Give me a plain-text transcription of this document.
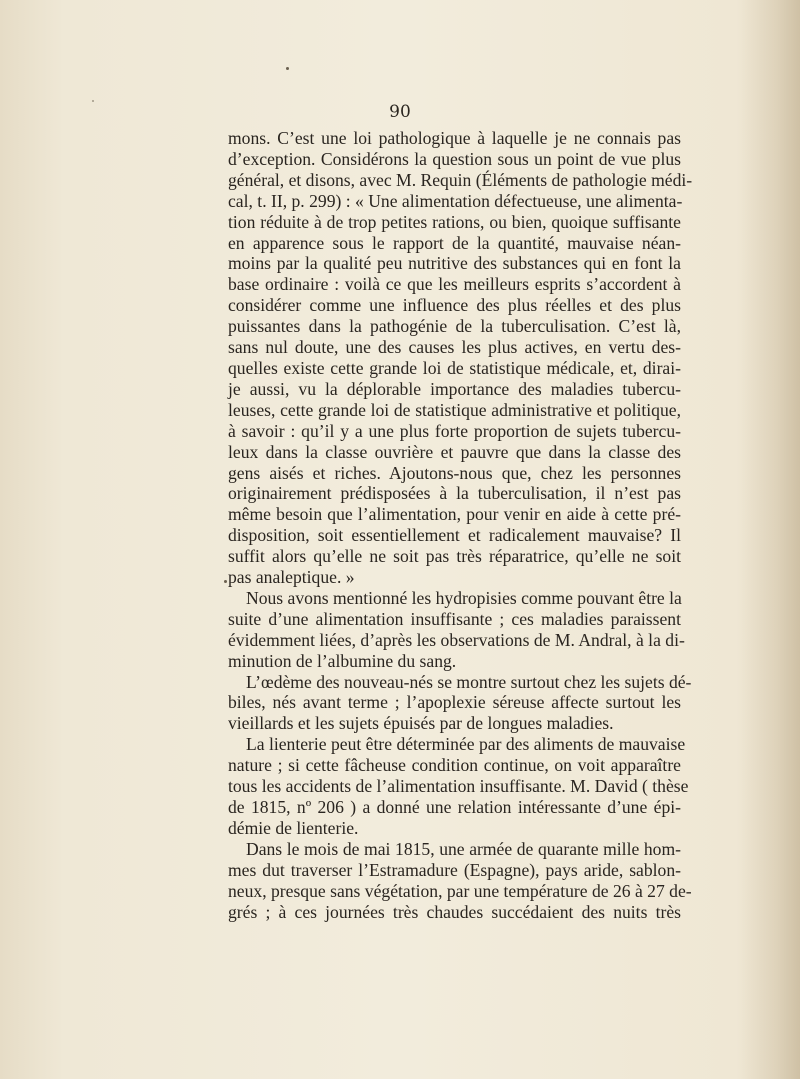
90
mons. C’est une loi pathologique à laquelle je ne connais pas
d’exception. Considérons la question sous un point de vue plus
général, et disons, avec M. Requin (Éléments de pathologie médi-
cal, t. II, p. 299) : « Une alimentation défectueuse, une alimenta-
tion réduite à de trop petites rations, ou bien, quoique suffisante
en apparence sous le rapport de la quantité, mauvaise néan-
moins par la qualité peu nutritive des substances qui en font la
base ordinaire : voilà ce que les meilleurs esprits s’accordent à
considérer comme une influence des plus réelles et des plus
puissantes dans la pathogénie de la tuberculisation. C’est là,
sans nul doute, une des causes les plus actives, en vertu des-
quelles existe cette grande loi de statistique médicale, et, dirai-
je aussi, vu la déplorable importance des maladies tubercu-
leuses, cette grande loi de statistique administrative et politique,
à savoir : qu’il y a une plus forte proportion de sujets tubercu-
leux dans la classe ouvrière et pauvre que dans la classe des
gens aisés et riches. Ajoutons-nous que, chez les personnes
originairement prédisposées à la tuberculisation, il n’est pas
même besoin que l’alimentation, pour venir en aide à cette pré-
disposition, soit essentiellement et radicalement mauvaise? Il
suffit alors qu’elle ne soit pas très réparatrice, qu’elle ne soit
pas analeptique. »
Nous avons mentionné les hydropisies comme pouvant être la
suite d’une alimentation insuffisante ; ces maladies paraissent
évidemment liées, d’après les observations de M. Andral, à la di-
minution de l’albumine du sang.
L’œdème des nouveau-nés se montre surtout chez les sujets dé-
biles, nés avant terme ; l’apoplexie séreuse affecte surtout les
vieillards et les sujets épuisés par de longues maladies.
La lienterie peut être déterminée par des aliments de mauvaise
nature ; si cette fâcheuse condition continue, on voit apparaître
tous les accidents de l’alimentation insuffisante. M. David ( thèse
de 1815, nº 206 ) a donné une relation intéressante d’une épi-
démie de lienterie.
Dans le mois de mai 1815, une armée de quarante mille hom-
mes dut traverser l’Estramadure (Espagne), pays aride, sablon-
neux, presque sans végétation, par une température de 26 à 27 de-
grés ; à ces journées très chaudes succédaient des nuits très
